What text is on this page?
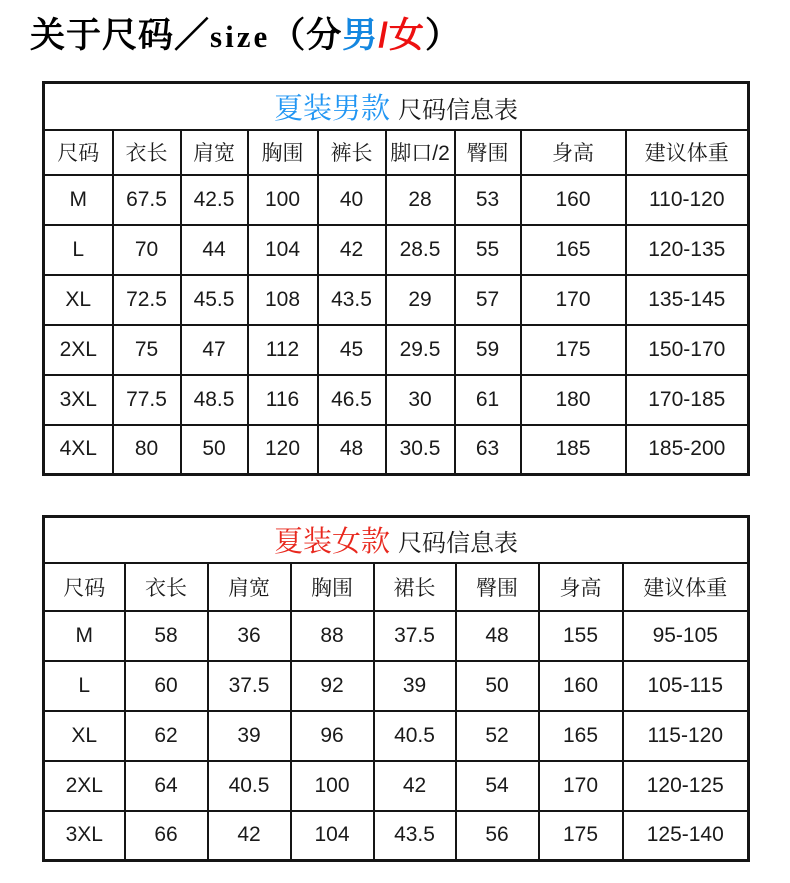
关于尺码／size（分男/女）
夏装男款 尺码信息表								
尺码	衣长	肩宽	胸围	裤长	脚口/2	臀围	身高	建议体重
M	67.5	42.5	100	40	28	53	160	110-120
L	70	44	104	42	28.5	55	165	120-135
XL	72.5	45.5	108	43.5	29	57	170	135-145
2XL	75	47	112	45	29.5	59	175	150-170
3XL	77.5	48.5	116	46.5	30	61	180	170-185
4XL	80	50	120	48	30.5	63	185	185-200
夏装女款 尺码信息表							
尺码	衣长	肩宽	胸围	裙长	臀围	身高	建议体重
M	58	36	88	37.5	48	155	95-105
L	60	37.5	92	39	50	160	105-115
XL	62	39	96	40.5	52	165	115-120
2XL	64	40.5	100	42	54	170	120-125
3XL	66	42	104	43.5	56	175	125-140
